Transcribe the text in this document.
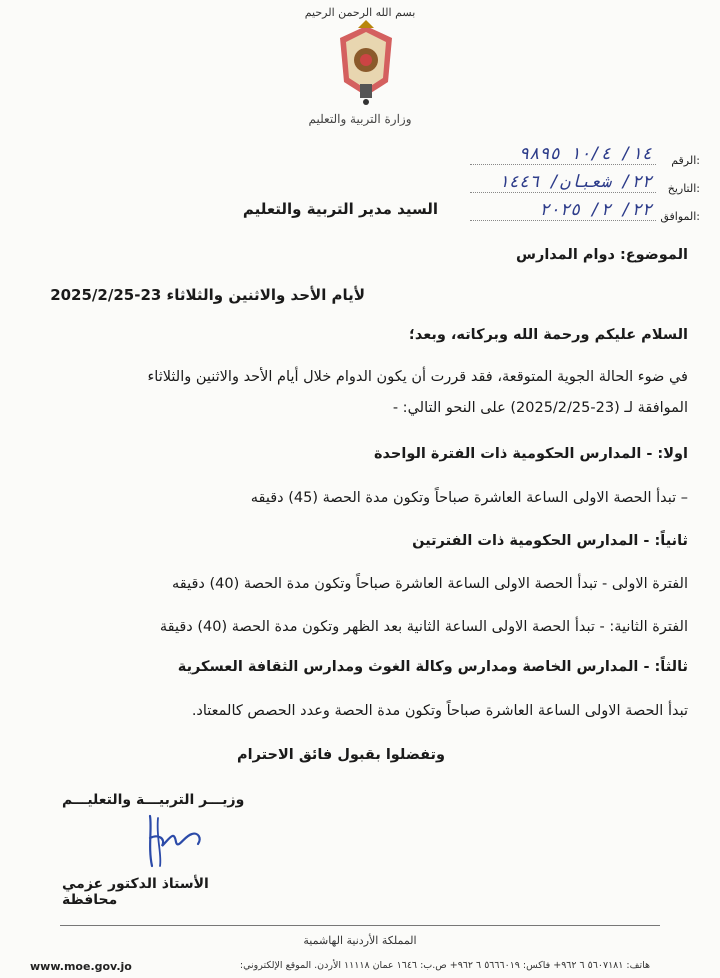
بسم الله الرحمن الرحيم
وزارة التربية والتعليم
الرقم:
١٤/ ١٠/٤ ٩٨٩٥
التاريخ:
٢٢/ شعبان/ ١٤٤٦
الموافق:
٢٢/ ٢/ ٢٠٢٥
السيد مدير التربية والتعليم
الموضوع: دوام المدارس
لأيام الأحد والاثنين والثلاثاء 23-2025/2/25
السلام عليكم ورحمة الله وبركاته، وبعد؛
في ضوء الحالة الجوية المتوقعة، فقد قررت أن يكون الدوام خلال أيام الأحد والاثنين والثلاثاء
الموافقة لـ (23-2025/2/25) على النحو التالي: -
اولا: - المدارس الحكومية ذات الفترة الواحدة
– تبدأ الحصة الاولى الساعة العاشرة صباحاً وتكون مدة الحصة (45) دقيقه
ثانياً: - المدارس الحكومية ذات الفترتين
الفترة الاولى - تبدأ الحصة الاولى الساعة العاشرة صباحاً وتكون مدة الحصة (40) دقيقه
الفترة الثانية: - تبدأ الحصة الاولى الساعة الثانية بعد الظهر وتكون مدة الحصة (40) دقيقة
ثالثاً: - المدارس الخاصة ومدارس وكالة الغوث ومدارس الثقافة العسكرية
تبدأ الحصة الاولى الساعة العاشرة صباحاً وتكون مدة الحصة وعدد الحصص كالمعتاد.
وتفضلوا بقبول فائق الاحترام
وزيـــر التربيـــة والتعليـــم
الأستاذ الدكتور عزمي محافظة
المملكة الأردنية الهاشمية
هاتف: ٥٦٠٧١٨١ ٦ ٩٦٢+ فاكس: ٥٦٦٦٠١٩ ٦ ٩٦٢+ ص.ب: ١٦٤٦ عمان ١١١١٨ الأردن. الموقع الإلكتروني:
www.moe.gov.jo
